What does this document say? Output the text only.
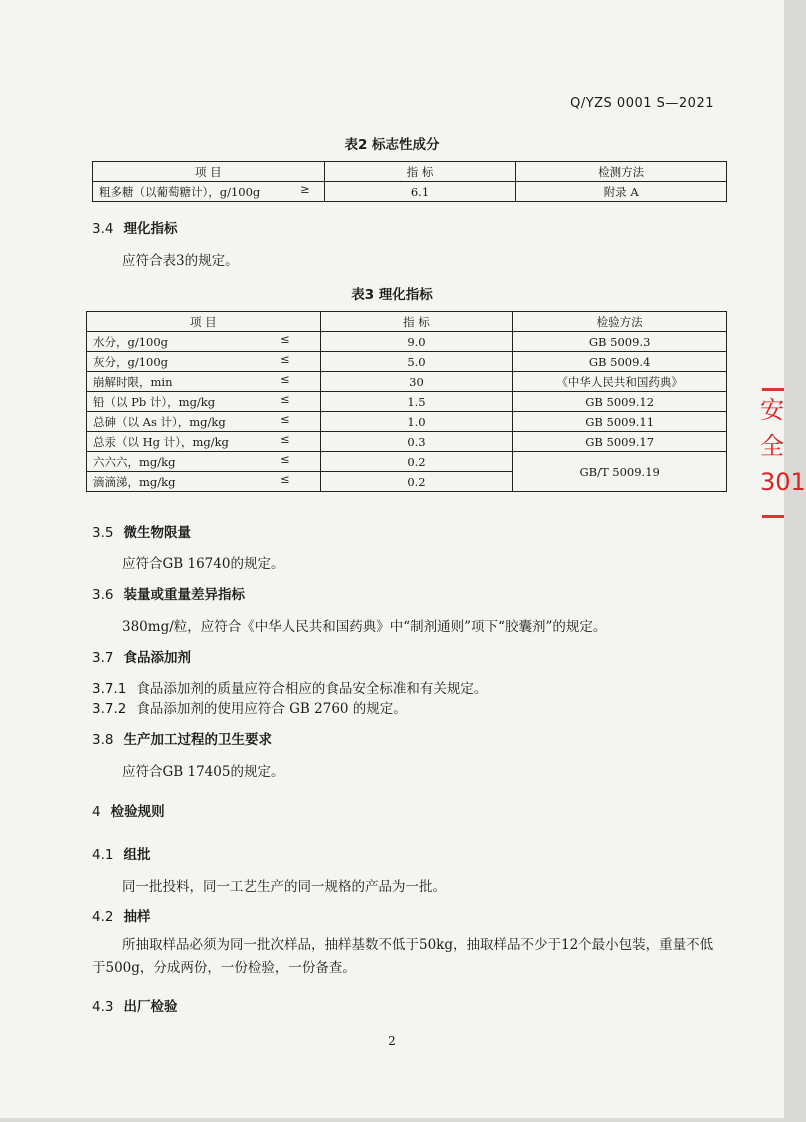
Q/YZS 0001 S—2021
表2 标志性成分
项 目	指 标	检测方法
粗多糖（以葡萄糖计），g/100g ≥	6.1	附录 A
3.4 理化指标
应符合表3的规定。
表3 理化指标
项 目	指 标	检验方法
水分，g/100g ≤	9.0	GB 5009.3
灰分，g/100g ≤	5.0	GB 5009.4
崩解时限，min ≤	30	《中华人民共和国药典》
铅（以 Pb 计），mg/kg ≤	1.5	GB 5009.12
总砷（以 As 计），mg/kg ≤	1.0	GB 5009.11
总汞（以 Hg 计），mg/kg ≤	0.3	GB 5009.17
六六六，mg/kg ≤	0.2	GB/T 5009.19
滴滴涕，mg/kg ≤	0.2	
3.5 微生物限量
应符合GB 16740的规定。
3.6 装量或重量差异指标
380mg/粒，应符合《中华人民共和国药典》中“制剂通则”项下“胶囊剂”的规定。
3.7 食品添加剂
3.7.1 食品添加剂的质量应符合相应的食品安全标准和有关规定。
3.7.2 食品添加剂的使用应符合 GB 2760 的规定。
3.8 生产加工过程的卫生要求
应符合GB 17405的规定。
4 检验规则
4.1 组批
同一批投料，同一工艺生产的同一规格的产品为一批。
4.2 抽样
所抽取样品必须为同一批次样品，抽样基数不低于50kg，抽取样品不少于12个最小包装，重量不低于500g，分成两份，一份检验，一份备查。
4.3 出厂检验
安全
301
2
